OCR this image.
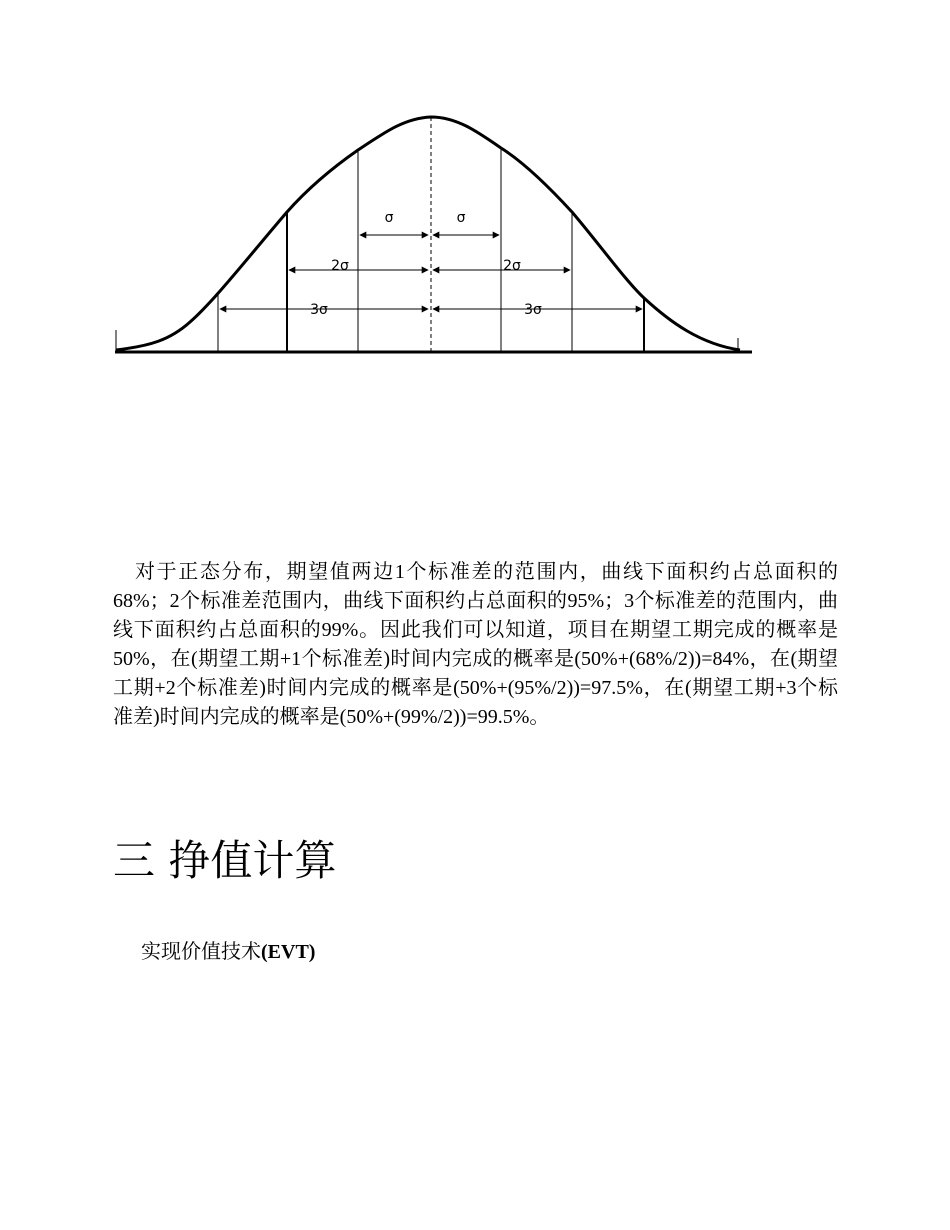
σ	σ
2σ	2σ
3σ	3σ

对于正态分布，期望值两边1个标准差的范围内，曲线下面积约占总面积的68%；2个标准差范围内，曲线下面积约占总面积的95%；3个标准差的范围内，曲线下面积约占总面积的99%。因此我们可以知道，项目在期望工期完成的概率是50%，在(期望工期+1个标准差)时间内完成的概率是(50%+(68%/2))=84%，在(期望工期+2个标准差)时间内完成的概率是(50%+(95%/2))=97.5%，在(期望工期+3个标准差)时间内完成的概率是(50%+(99%/2))=99.5%。

三 挣值计算
实现价值技术(EVT)
